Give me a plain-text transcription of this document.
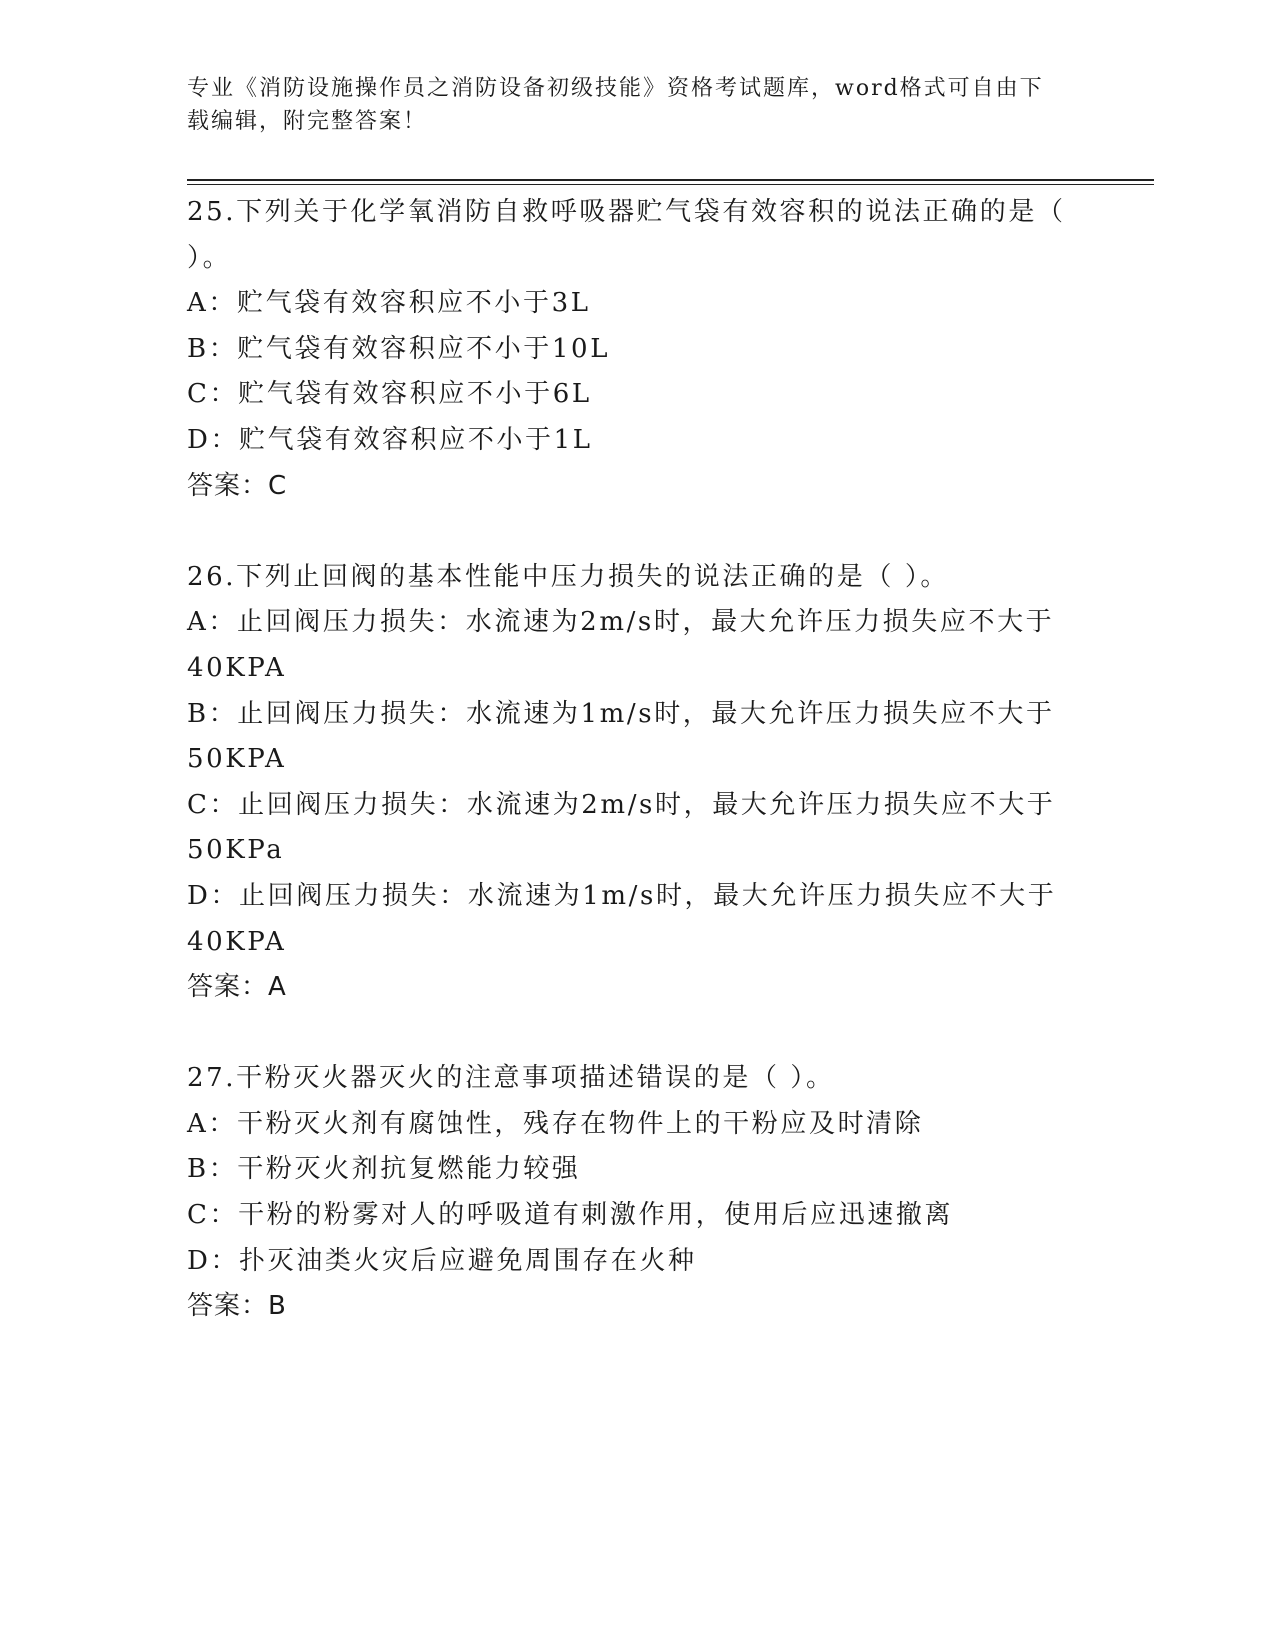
专业《消防设施操作员之消防设备初级技能》资格考试题库，word格式可自由下载编辑，附完整答案！

25.下列关于化学氧消防自救呼吸器贮气袋有效容积的说法正确的是（ ）。

A：贮气袋有效容积应不小于3L

B：贮气袋有效容积应不小于10L

C：贮气袋有效容积应不小于6L

D：贮气袋有效容积应不小于1L

答案：C

26.下列止回阀的基本性能中压力损失的说法正确的是（ ）。

A：止回阀压力损失：水流速为2m/s时，最大允许压力损失应不大于40KPA

B：止回阀压力损失：水流速为1m/s时，最大允许压力损失应不大于50KPA

C：止回阀压力损失：水流速为2m/s时，最大允许压力损失应不大于50KPa

D：止回阀压力损失：水流速为1m/s时，最大允许压力损失应不大于40KPA

答案：A

27.干粉灭火器灭火的注意事项描述错误的是（ ）。

A：干粉灭火剂有腐蚀性，残存在物件上的干粉应及时清除

B：干粉灭火剂抗复燃能力较强

C：干粉的粉雾对人的呼吸道有刺激作用，使用后应迅速撤离

D：扑灭油类火灾后应避免周围存在火种

答案：B
